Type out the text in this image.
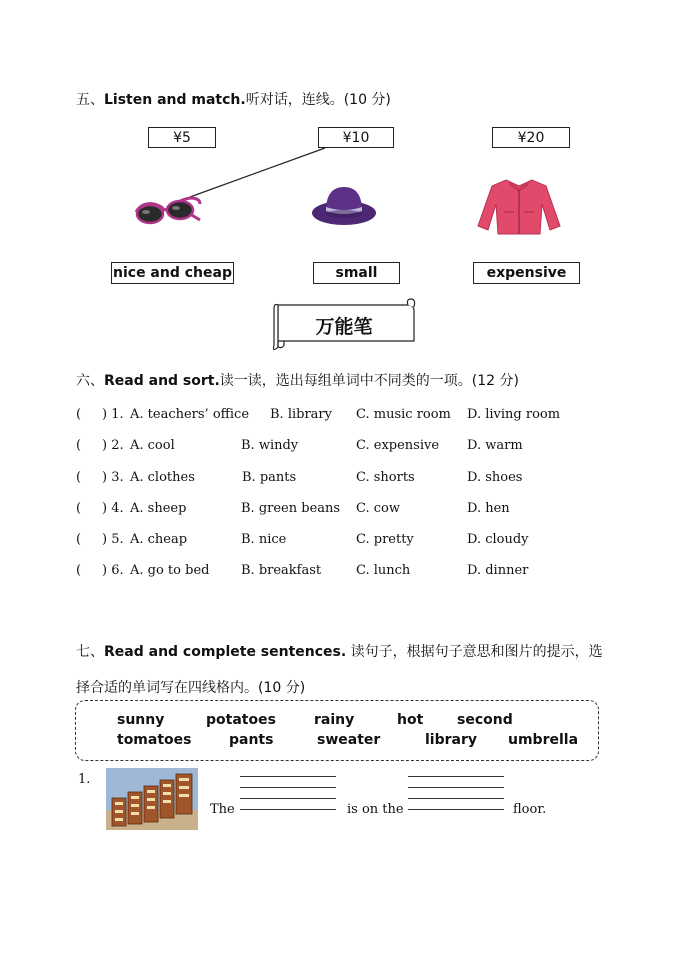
五、Listen and match.听对话，连线。(10 分)
¥5	¥10	¥20
nice and cheap	small	expensive
万能笔
六、Read and sort.读一读，选出每组单词中不同类的一项。(12 分)
( ) 1. A. teachers’ office B. library C. music room D. living room
( ) 2. A. cool	B. windy	C. expensive D. warm
( ) 3. A. clothes	B. pants	C. shorts	D. shoes
( ) 4. A. sheep	B. green beans C. cow	D. hen
( ) 5. A. cheap	B. nice	C. pretty	D. cloudy
( ) 6. A. go to bed B. breakfast	C. lunch	D. dinner
七、Read and complete sentences. 读句子，根据句子意思和图片的提示，选
择合适的单词写在四线格内。(10 分)
sunny	potatoes	rainy	hot second
tomatoes	pants	sweater	library umbrella
1.
The	is on the	floor.
